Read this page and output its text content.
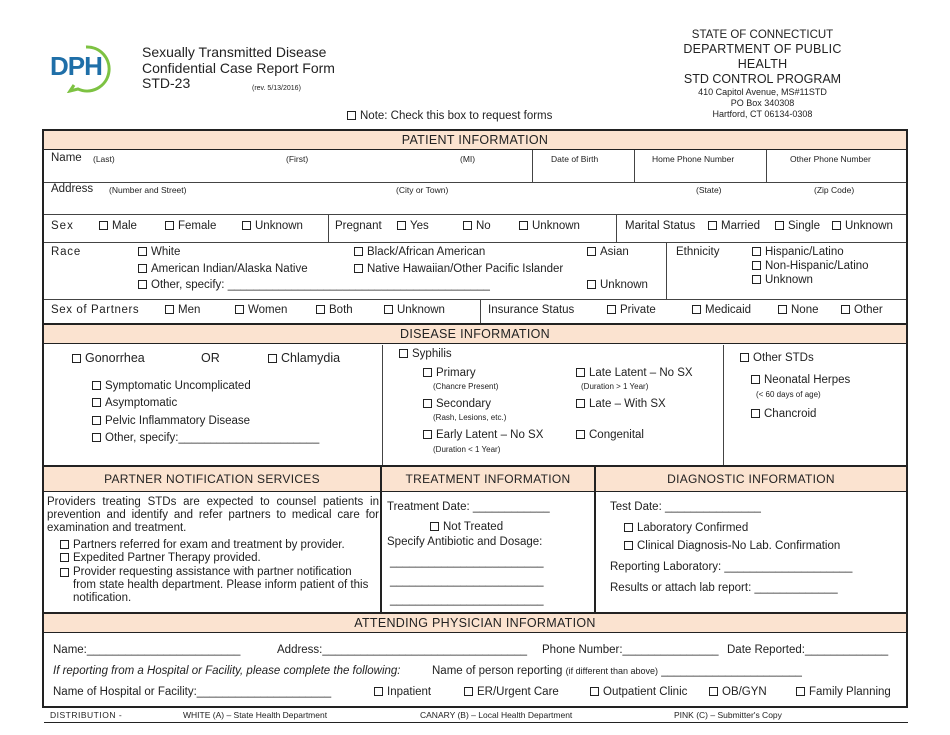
DPH	Sexually Transmitted Disease
Confidential Case Report Form
STD-23	(rev. 5/13/2016)
STATE OF CONNECTICUT
DEPARTMENT OF PUBLIC HEALTH
STD CONTROL PROGRAM
410 Capitol Avenue, MS#11STD
PO Box 340308
Hartford, CT 06134-0308
Note: Check this box to request forms
PATIENT INFORMATION
Name (Last)	(First)	(MI)	Date of Birth	Home Phone Number	Other Phone Number
Address (Number and Street)	(City or Town)	(State)	(Zip Code)
Sex	Male	Female	Unknown	Pregnant	Yes	No	Unknown	Marital Status	Married	Single	Unknown
Race	White	Black/African American	Asian
American Indian/Alaska Native	Native Hawaiian/Other Pacific Islander
Other, specify: _________________________________________	Unknown
Ethnicity	Hispanic/Latino
Non-Hispanic/Latino
Unknown
Sex of Partners	Men	Women	Both	Unknown	Insurance Status	Private	Medicaid	None	Other
DISEASE INFORMATION
Gonorrhea	OR	Chlamydia
Symptomatic Uncomplicated
Asymptomatic
Pelvic Inflammatory Disease
Other, specify:______________________
Syphilis
Primary
(Chancre Present)
Secondary
(Rash, Lesions, etc.)
Early Latent – No SX
(Duration < 1 Year)
Late Latent – No SX
(Duration > 1 Year)
Late – With SX
Congenital
Other STDs
Neonatal Herpes
(< 60 days of age)
Chancroid
PARTNER NOTIFICATION SERVICES	TREATMENT INFORMATION	DIAGNOSTIC INFORMATION
Providers treating STDs are expected to counsel patients in prevention and identify and refer partners to medical care for examination and treatment.
Partners referred for exam and treatment by provider.
Expedited Partner Therapy provided.
Provider requesting assistance with partner notification from state health department. Please inform patient of this notification.
Treatment Date: ____________
Not Treated
Specify Antibiotic and Dosage:
________________________
________________________
________________________
Test Date: _______________
Laboratory Confirmed
Clinical Diagnosis-No Lab. Confirmation
Reporting Laboratory: ____________________
Results or attach lab report: _____________
ATTENDING PHYSICIAN INFORMATION
Name:________________________	Address:________________________________ Phone Number:_______________ Date Reported:_____________
If reporting from a Hospital or Facility, please complete the following:	Name of person reporting (if different than above) ______________________
Name of Hospital or Facility:_____________________	Inpatient	ER/Urgent Care	Outpatient Clinic	OB/GYN	Family Planning
DISTRIBUTION -	WHITE (A) – State Health Department	CANARY (B) – Local Health Department	PINK (C) – Submitter's Copy
